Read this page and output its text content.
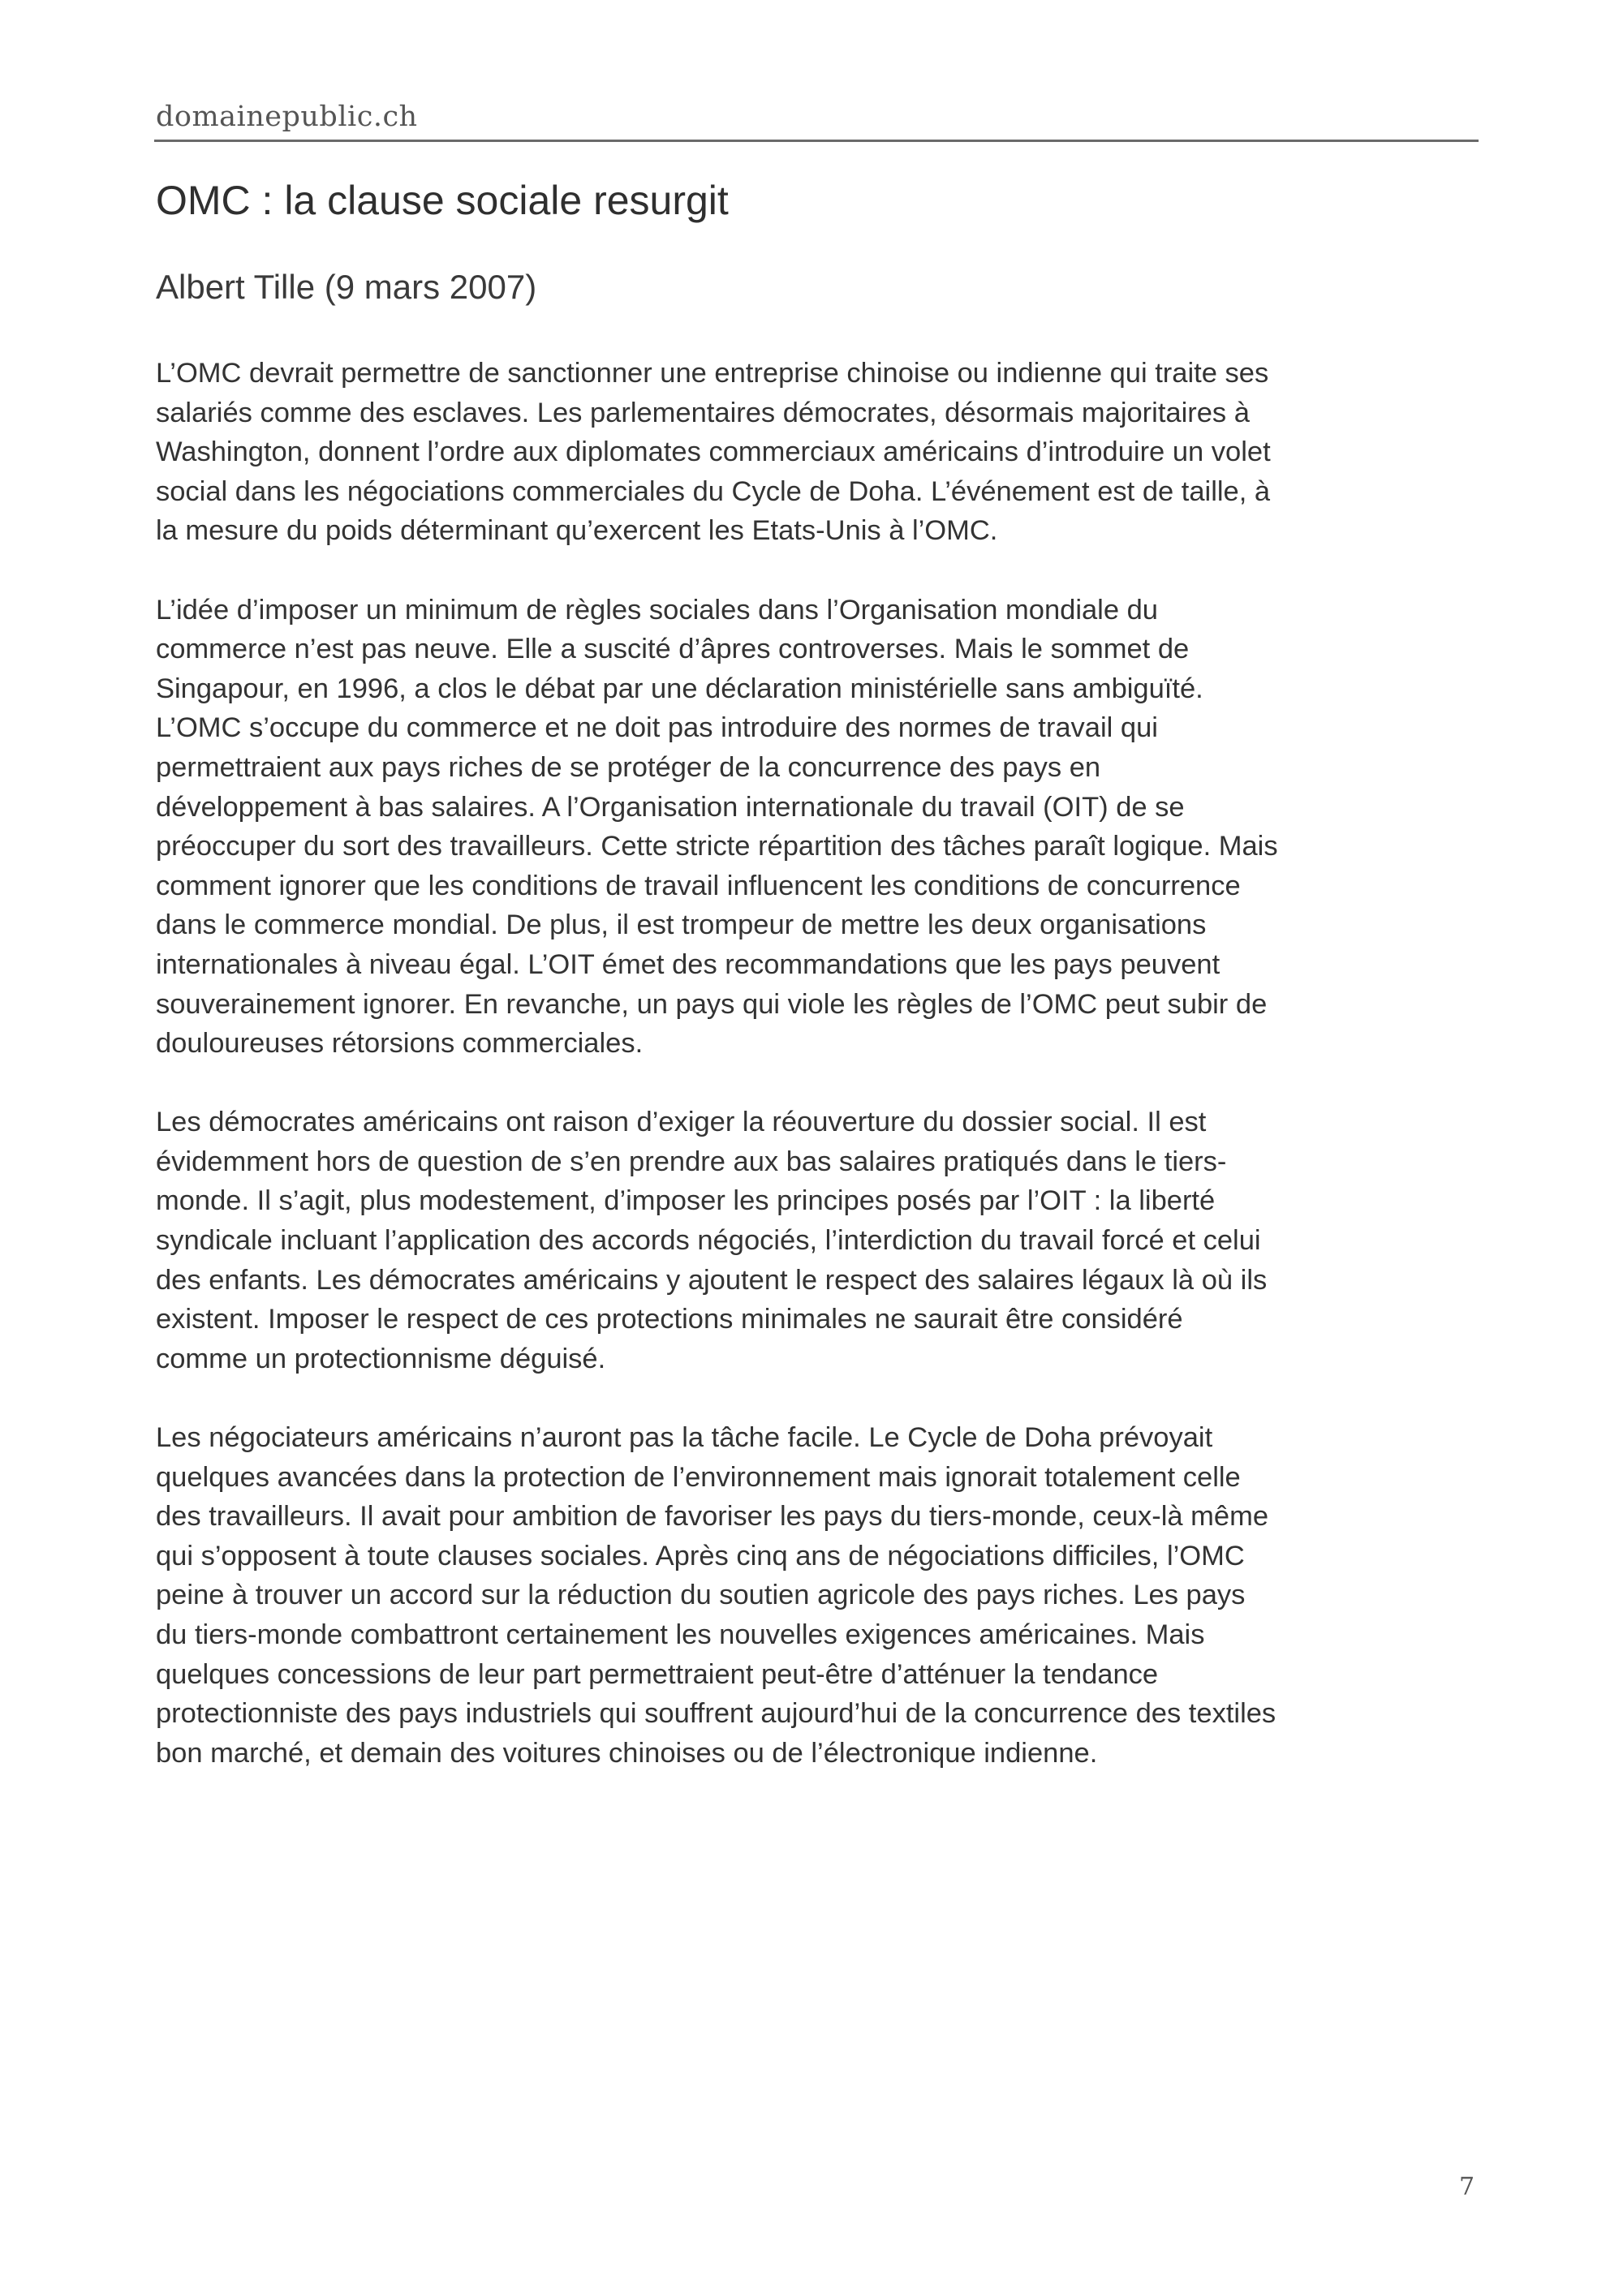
domainepublic.ch
OMC : la clause sociale resurgit
Albert Tille (9 mars 2007)

L’OMC devrait permettre de sanctionner une entreprise chinoise ou indienne qui traite ses
salariés comme des esclaves. Les parlementaires démocrates, désormais majoritaires à
Washington, donnent l’ordre aux diplomates commerciaux américains d’introduire un volet
social dans les négociations commerciales du Cycle de Doha. L’événement est de taille, à
la mesure du poids déterminant qu’exercent les Etats-Unis à l’OMC.

L’idée d’imposer un minimum de règles sociales dans l’Organisation mondiale du
commerce n’est pas neuve. Elle a suscité d’âpres controverses. Mais le sommet de
Singapour, en 1996, a clos le débat par une déclaration ministérielle sans ambiguïté.
L’OMC s’occupe du commerce et ne doit pas introduire des normes de travail qui
permettraient aux pays riches de se protéger de la concurrence des pays en
développement à bas salaires. A l’Organisation internationale du travail (OIT) de se
préoccuper du sort des travailleurs. Cette stricte répartition des tâches paraît logique. Mais
comment ignorer que les conditions de travail influencent les conditions de concurrence
dans le commerce mondial. De plus, il est trompeur de mettre les deux organisations
internationales à niveau égal. L’OIT émet des recommandations que les pays peuvent
souverainement ignorer. En revanche, un pays qui viole les règles de l’OMC peut subir de
douloureuses rétorsions commerciales.

Les démocrates américains ont raison d’exiger la réouverture du dossier social. Il est
évidemment hors de question de s’en prendre aux bas salaires pratiqués dans le tiers-
monde. Il s’agit, plus modestement, d’imposer les principes posés par l’OIT : la liberté
syndicale incluant l’application des accords négociés, l’interdiction du travail forcé et celui
des enfants. Les démocrates américains y ajoutent le respect des salaires légaux là où ils
existent. Imposer le respect de ces protections minimales ne saurait être considéré
comme un protectionnisme déguisé.

Les négociateurs américains n’auront pas la tâche facile. Le Cycle de Doha prévoyait
quelques avancées dans la protection de l’environnement mais ignorait totalement celle
des travailleurs. Il avait pour ambition de favoriser les pays du tiers-monde, ceux-là même
qui s’opposent à toute clauses sociales. Après cinq ans de négociations difficiles, l’OMC
peine à trouver un accord sur la réduction du soutien agricole des pays riches. Les pays
du tiers-monde combattront certainement les nouvelles exigences américaines. Mais
quelques concessions de leur part permettraient peut-être d’atténuer la tendance
protectionniste des pays industriels qui souffrent aujourd’hui de la concurrence des textiles
bon marché, et demain des voitures chinoises ou de l’électronique indienne.

7
